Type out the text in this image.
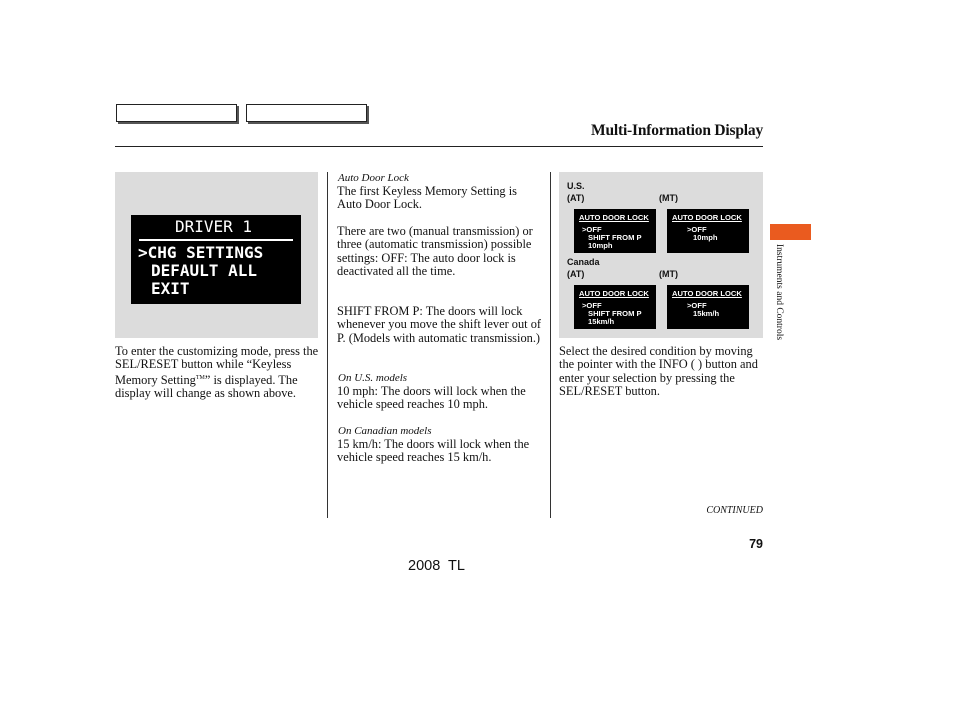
Multi-Information Display
DRIVER 1
>CHG SETTINGS
DEFAULT ALL
EXIT
To enter the customizing mode, press the SEL/RESET button while “Keyless Memory Setting™” is displayed. The display will change as shown above.
Auto Door Lock

The first Keyless Memory Setting is Auto Door Lock.

There are two (manual transmission) or three (automatic transmission) possible settings: OFF: The auto door lock is deactivated all the time.

SHIFT FROM P: The doors will lock whenever you move the shift lever out of P. (Models with automatic transmission.)

On U.S. models

10 mph: The doors will lock when the vehicle speed reaches 10 mph.

On Canadian models

15 km/h: The doors will lock when the vehicle speed reaches 15 km/h.

U.S.
(AT)	(MT)
AUTO DOOR LOCK
>OFF
SHIFT FROM P
10mph
AUTO DOOR LOCK
>OFF
10mph
Canada
(AT)	(MT)
AUTO DOOR LOCK
>OFF
SHIFT FROM P
15km/h
AUTO DOOR LOCK
>OFF
15km/h

Select the desired condition by moving the pointer with the INFO ( ) button and enter your selection by pressing the SEL/RESET button.

Instruments and Controls
CONTINUED
79
2008  TL
